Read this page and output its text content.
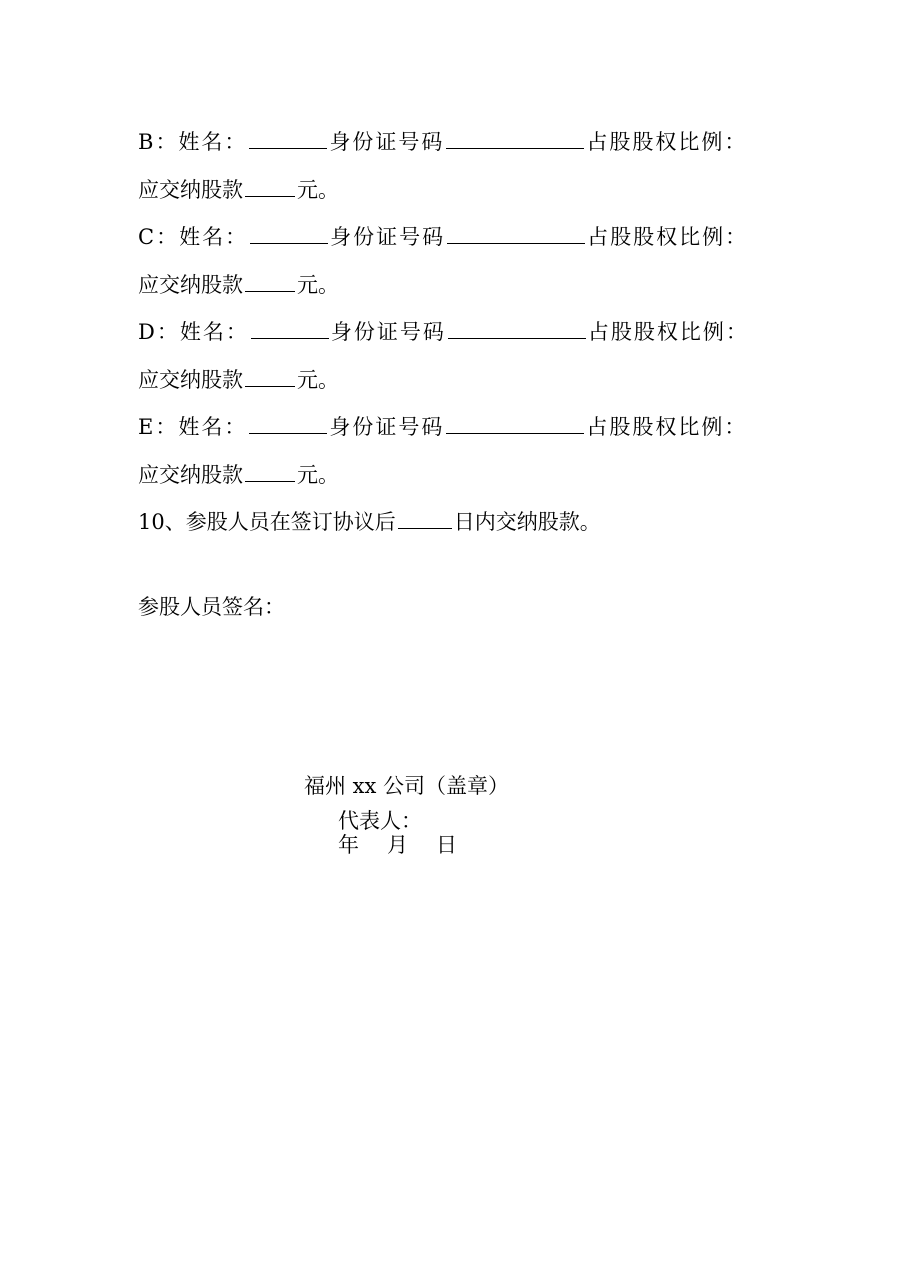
B：姓名：	身份证号码	占股股权比例：
应交纳股款	元。
C：姓名：	身份证号码	占股股权比例：
应交纳股款	元。
D：姓名：	身份证号码	占股股权比例：
应交纳股款	元。
E：姓名：	身份证号码	占股股权比例：
应交纳股款	元。
10、参股人员在签订协议后	日内交纳股款。
参股人员签名：
福州 xx 公司（盖章）
代表人：
年 月 日
